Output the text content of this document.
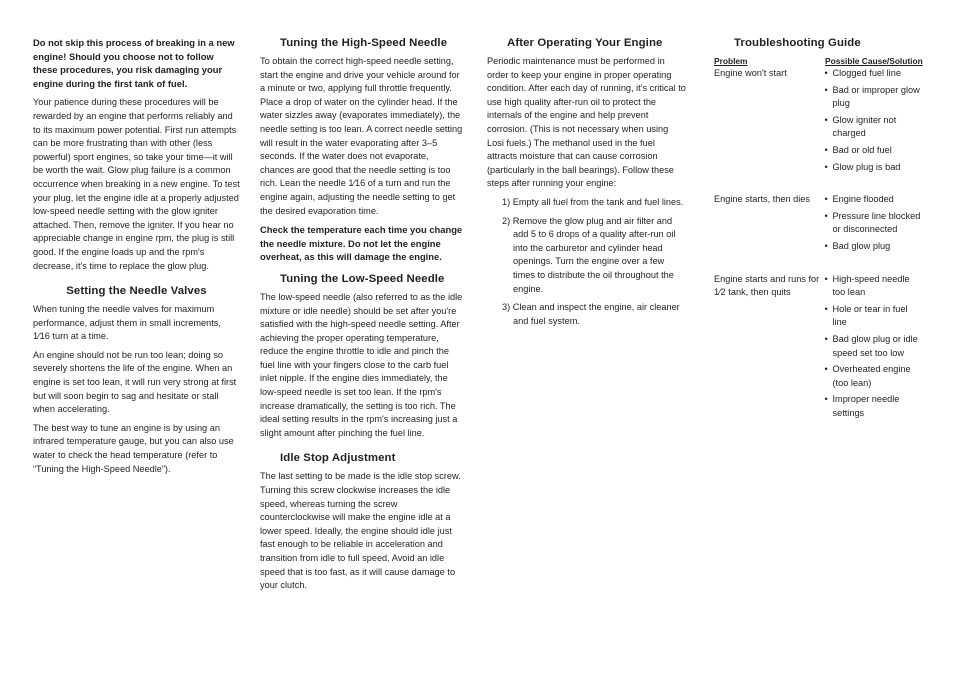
Do not skip this process of breaking in a new engine! Should you choose not to follow these procedures, you risk damaging your engine during the first tank of fuel.

Your patience during these procedures will be rewarded by an engine that performs reliably and to its maximum power potential. First run attempts can be more frustrating than with other (less powerful) sport engines, so take your time—it will be worth the wait. Glow plug failure is a common occurrence when breaking in a new engine. To test your plug, let the engine idle at a properly adjusted low-speed needle setting with the glow igniter attached. Then, remove the igniter. If you hear no appreciable change in engine rpm, the plug is still good. If the engine loads up and the rpm's decrease, it's time to replace the glow plug.

Setting the Needle Valves

When tuning the needle valves for maximum performance, adjust them in small increments, 1⁄16 turn at a time.

An engine should not be run too lean; doing so severely shortens the life of the engine. When an engine is set too lean, it will run very strong at first but will soon begin to sag and hesitate or stall when accelerating.

The best way to tune an engine is by using an infrared temperature gauge, but you can also use water to check the head temperature (refer to “Tuning the High-Speed Needle”).

Tuning the High-Speed Needle

To obtain the correct high-speed needle setting, start the engine and drive your vehicle around for a minute or two, applying full throttle frequently. Place a drop of water on the cylinder head. If the water sizzles away (evaporates immediately), the needle setting is too lean. A correct needle setting will result in the water evaporating after 3–5 seconds. If the water does not evaporate, chances are good that the needle setting is too rich. Lean the needle 1⁄16 of a turn and run the engine again, adjusting the needle setting to get the desired evaporation time.

Check the temperature each time you change the needle mixture. Do not let the engine overheat, as this will damage the engine.

Tuning the Low-Speed Needle

The low-speed needle (also referred to as the idle mixture or idle needle) should be set after you're satisfied with the high-speed needle setting. After achieving the proper operating temperature, reduce the engine throttle to idle and pinch the fuel line with your fingers close to the carb fuel inlet nipple. If the engine dies immediately, the low-speed needle is set too lean. If the rpm's increase dramatically, the setting is too rich. The ideal setting results in the rpm's increasing just a slight amount after pinching the fuel line.

Idle Stop Adjustment

The last setting to be made is the idle stop screw. Turning this screw clockwise increases the idle speed, whereas turning the screw counterclockwise will make the engine idle at a lower speed. Ideally, the engine should idle just fast enough to be reliable in acceleration and transition from idle to full speed. Avoid an idle speed that is too fast, as it will cause damage to your clutch.

After Operating Your Engine

Periodic maintenance must be performed in order to keep your engine in proper operating condition. After each day of running, it's critical to use high quality after-run oil to protect the internals of the engine and help prevent corrosion. (This is not necessary when using Losi fuels.) The methanol used in the fuel attracts moisture that can cause corrosion (particularly in the ball bearings). Follow these steps after running your engine:

1) Empty all fuel from the tank and fuel lines.
2) Remove the glow plug and air filter and add 5 to 6 drops of a quality after-run oil into the carburetor and cylinder head openings. Turn the engine over a few times to distribute the oil throughout the engine.
3) Clean and inspect the engine, air cleaner and fuel system.
Troubleshooting Guide
Problem	Possible Cause/Solution
Engine won't start	• Clogged fuel line
• Bad or improper glow plug
• Glow igniter not charged
• Bad or old fuel
• Glow plug is bad
Engine starts, then dies	• Engine flooded
• Pressure line blocked or disconnected
• Bad glow plug
Engine starts and runs for 1⁄2 tank, then quits
• High-speed needle too lean
• Hole or tear in fuel line
• Bad glow plug or idle speed set too low
• Overheated engine (too lean)
• Improper needle settings
